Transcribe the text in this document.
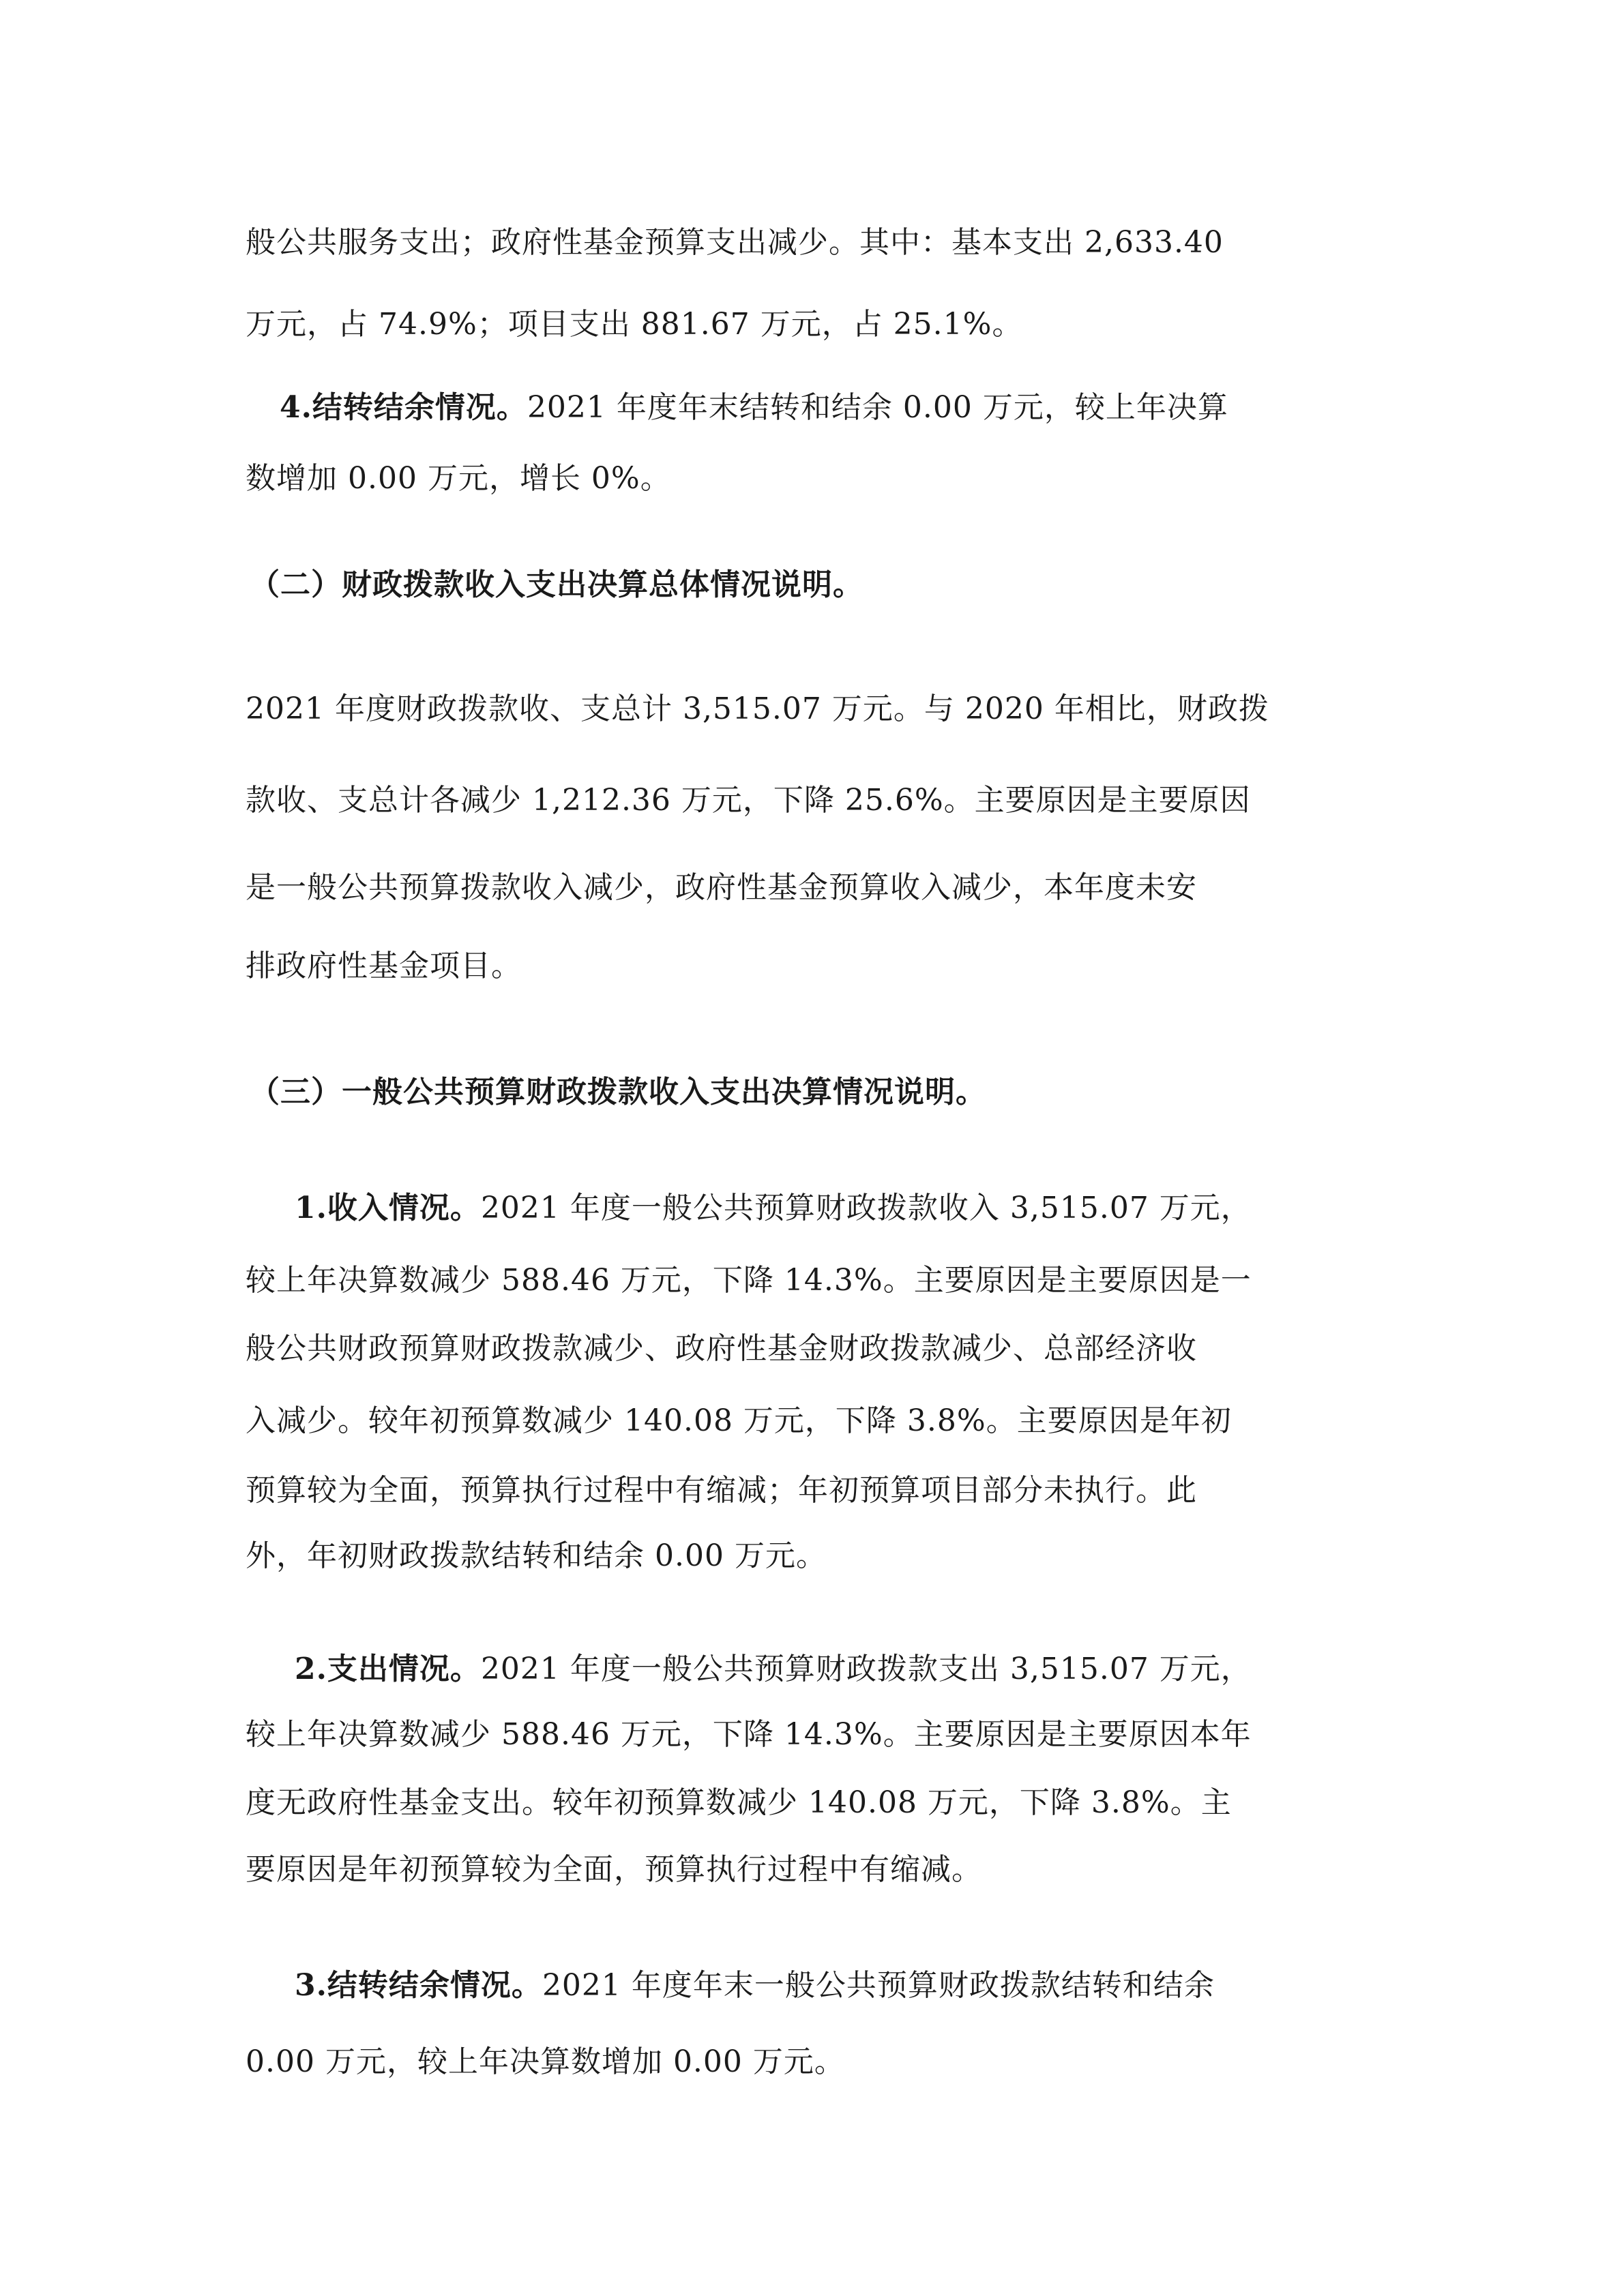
般公共服务支出；政府性基金预算支出减少。其中：基本支出 2,633.40
万元，占 74.9%；项目支出 881.67 万元，占 25.1%。
4.结转结余情况。2021 年度年末结转和结余 0.00 万元，较上年决算
数增加 0.00 万元，增长 0%。
（二）财政拨款收入支出决算总体情况说明。
2021 年度财政拨款收、支总计 3,515.07 万元。与 2020 年相比，财政拨
款收、支总计各减少 1,212.36 万元，下降 25.6%。主要原因是主要原因
是一般公共预算拨款收入减少，政府性基金预算收入减少，本年度未安
排政府性基金项目。
（三）一般公共预算财政拨款收入支出决算情况说明。
1.收入情况。2021 年度一般公共预算财政拨款收入 3,515.07 万元，
较上年决算数减少 588.46 万元，下降 14.3%。主要原因是主要原因是一
般公共财政预算财政拨款减少、政府性基金财政拨款减少、总部经济收
入减少。较年初预算数减少 140.08 万元，下降 3.8%。主要原因是年初
预算较为全面，预算执行过程中有缩减；年初预算项目部分未执行。此
外，年初财政拨款结转和结余 0.00 万元。
2.支出情况。2021 年度一般公共预算财政拨款支出 3,515.07 万元，
较上年决算数减少 588.46 万元，下降 14.3%。主要原因是主要原因本年
度无政府性基金支出。较年初预算数减少 140.08 万元，下降 3.8%。主
要原因是年初预算较为全面，预算执行过程中有缩减。
3.结转结余情况。2021 年度年末一般公共预算财政拨款结转和结余
0.00 万元，较上年决算数增加 0.00 万元。
